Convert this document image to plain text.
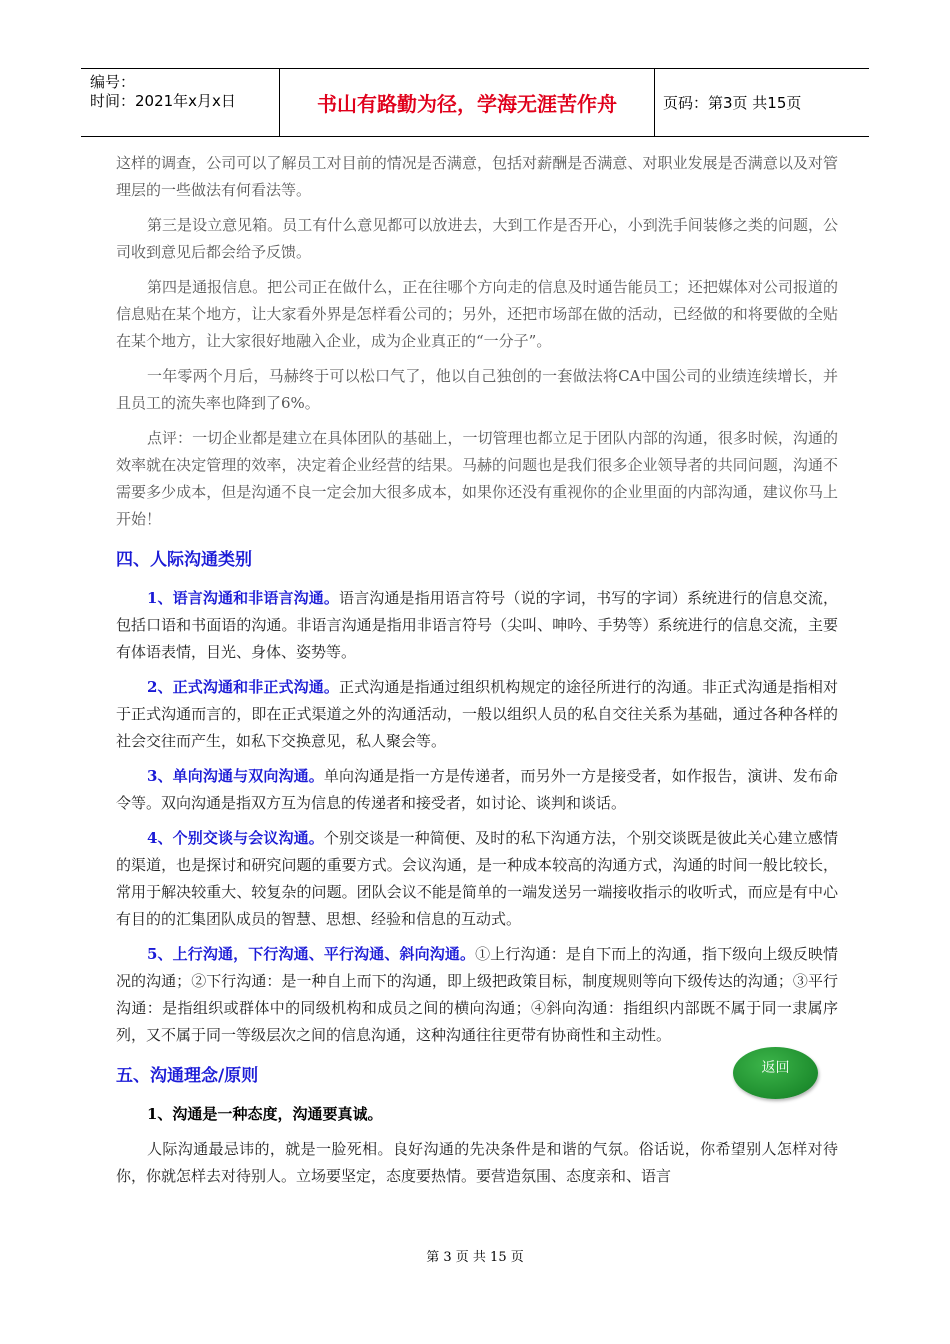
编号：
时间：2021年x月x日	书山有路勤为径，学海无涯苦作舟	页码：第3页 共15页

这样的调查，公司可以了解员工对目前的情况是否满意，包括对薪酬是否满意、对职业发展是否满意以及对管理层的一些做法有何看法等。

第三是设立意见箱。员工有什么意见都可以放进去，大到工作是否开心，小到洗手间装修之类的问题，公司收到意见后都会给予反馈。

第四是通报信息。把公司正在做什么，正在往哪个方向走的信息及时通告能员工；还把媒体对公司报道的信息贴在某个地方，让大家看外界是怎样看公司的；另外，还把市场部在做的活动，已经做的和将要做的全贴在某个地方，让大家很好地融入企业，成为企业真正的“一分子”。

一年零两个月后，马赫终于可以松口气了，他以自己独创的一套做法将CA中国公司的业绩连续增长，并且员工的流失率也降到了6%。

点评：一切企业都是建立在具体团队的基础上，一切管理也都立足于团队内部的沟通，很多时候，沟通的效率就在决定管理的效率，决定着企业经营的结果。马赫的问题也是我们很多企业领导者的共同问题，沟通不需要多少成本，但是沟通不良一定会加大很多成本，如果你还没有重视你的企业里面的内部沟通，建议你马上开始！

四、人际沟通类别

1、语言沟通和非语言沟通。语言沟通是指用语言符号（说的字词，书写的字词）系统进行的信息交流，包括口语和书面语的沟通。非语言沟通是指用非语言符号（尖叫、呻吟、手势等）系统进行的信息交流，主要有体语表情，目光、身体、姿势等。

2、正式沟通和非正式沟通。正式沟通是指通过组织机构规定的途径所进行的沟通。非正式沟通是指相对于正式沟通而言的，即在正式渠道之外的沟通活动，一般以组织人员的私自交往关系为基础，通过各种各样的社会交往而产生，如私下交换意见，私人聚会等。

3、单向沟通与双向沟通。单向沟通是指一方是传递者，而另外一方是接受者，如作报告，演讲、发布命令等。双向沟通是指双方互为信息的传递者和接受者，如讨论、谈判和谈话。

4、个别交谈与会议沟通。个别交谈是一种简便、及时的私下沟通方法，个别交谈既是彼此关心建立感情的渠道，也是探讨和研究问题的重要方式。会议沟通，是一种成本较高的沟通方式，沟通的时间一般比较长，常用于解决较重大、较复杂的问题。团队会议不能是简单的一端发送另一端接收指示的收听式，而应是有中心有目的的汇集团队成员的智慧、思想、经验和信息的互动式。

5、上行沟通，下行沟通、平行沟通、斜向沟通。①上行沟通：是自下而上的沟通，指下级向上级反映情况的沟通；②下行沟通：是一种自上而下的沟通，即上级把政策目标，制度规则等向下级传达的沟通；③平行沟通：是指组织或群体中的同级机构和成员之间的横向沟通；④斜向沟通：指组织内部既不属于同一隶属序列，又不属于同一等级层次之间的信息沟通，这种沟通往往更带有协商性和主动性。

五、沟通理念/原则

1、沟通是一种态度，沟通要真诚。

人际沟通最忌讳的，就是一脸死相。良好沟通的先决条件是和谐的气氛。俗话说，你希望别人怎样对待你，你就怎样去对待别人。立场要坚定，态度要热情。要营造氛围、态度亲和、语言

返回
第 3 页 共 15 页
